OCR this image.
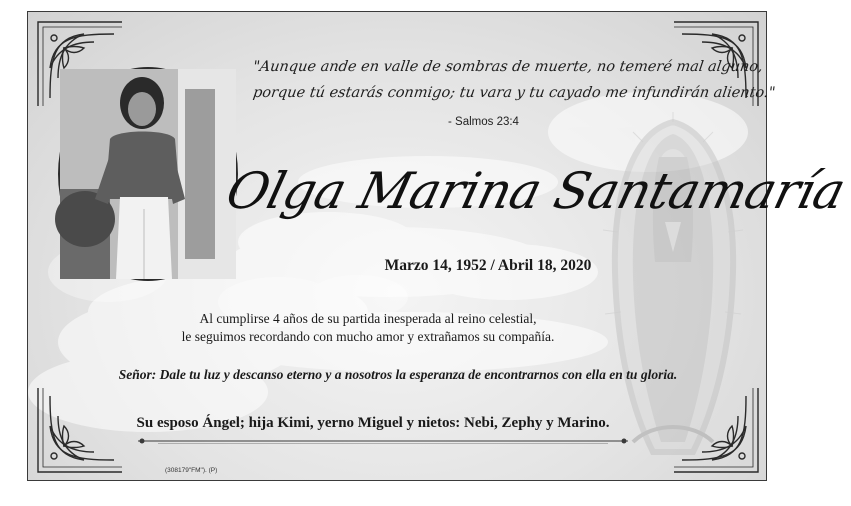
"Aunque ande en valle de sombras de muerte, no temeré mal alguno,
porque tú estarás conmigo; tu vara y tu cayado me infundirán aliento."
- Salmos 23:4
Olga Marina Santamaría
Marzo 14, 1952 / Abril 18, 2020
Al cumplirse 4 años de su partida inesperada al reino celestial,
le seguimos recordando con mucho amor y extrañamos su compañía.
Señor: Dale tu luz y descanso eterno y a nosotros la esperanza de encontrarnos con ella en tu gloria.
Su esposo Ángel; hija Kimi, yerno Miguel y nietos: Nebi, Zephy y Marino.
(308179"FM"). (P)
